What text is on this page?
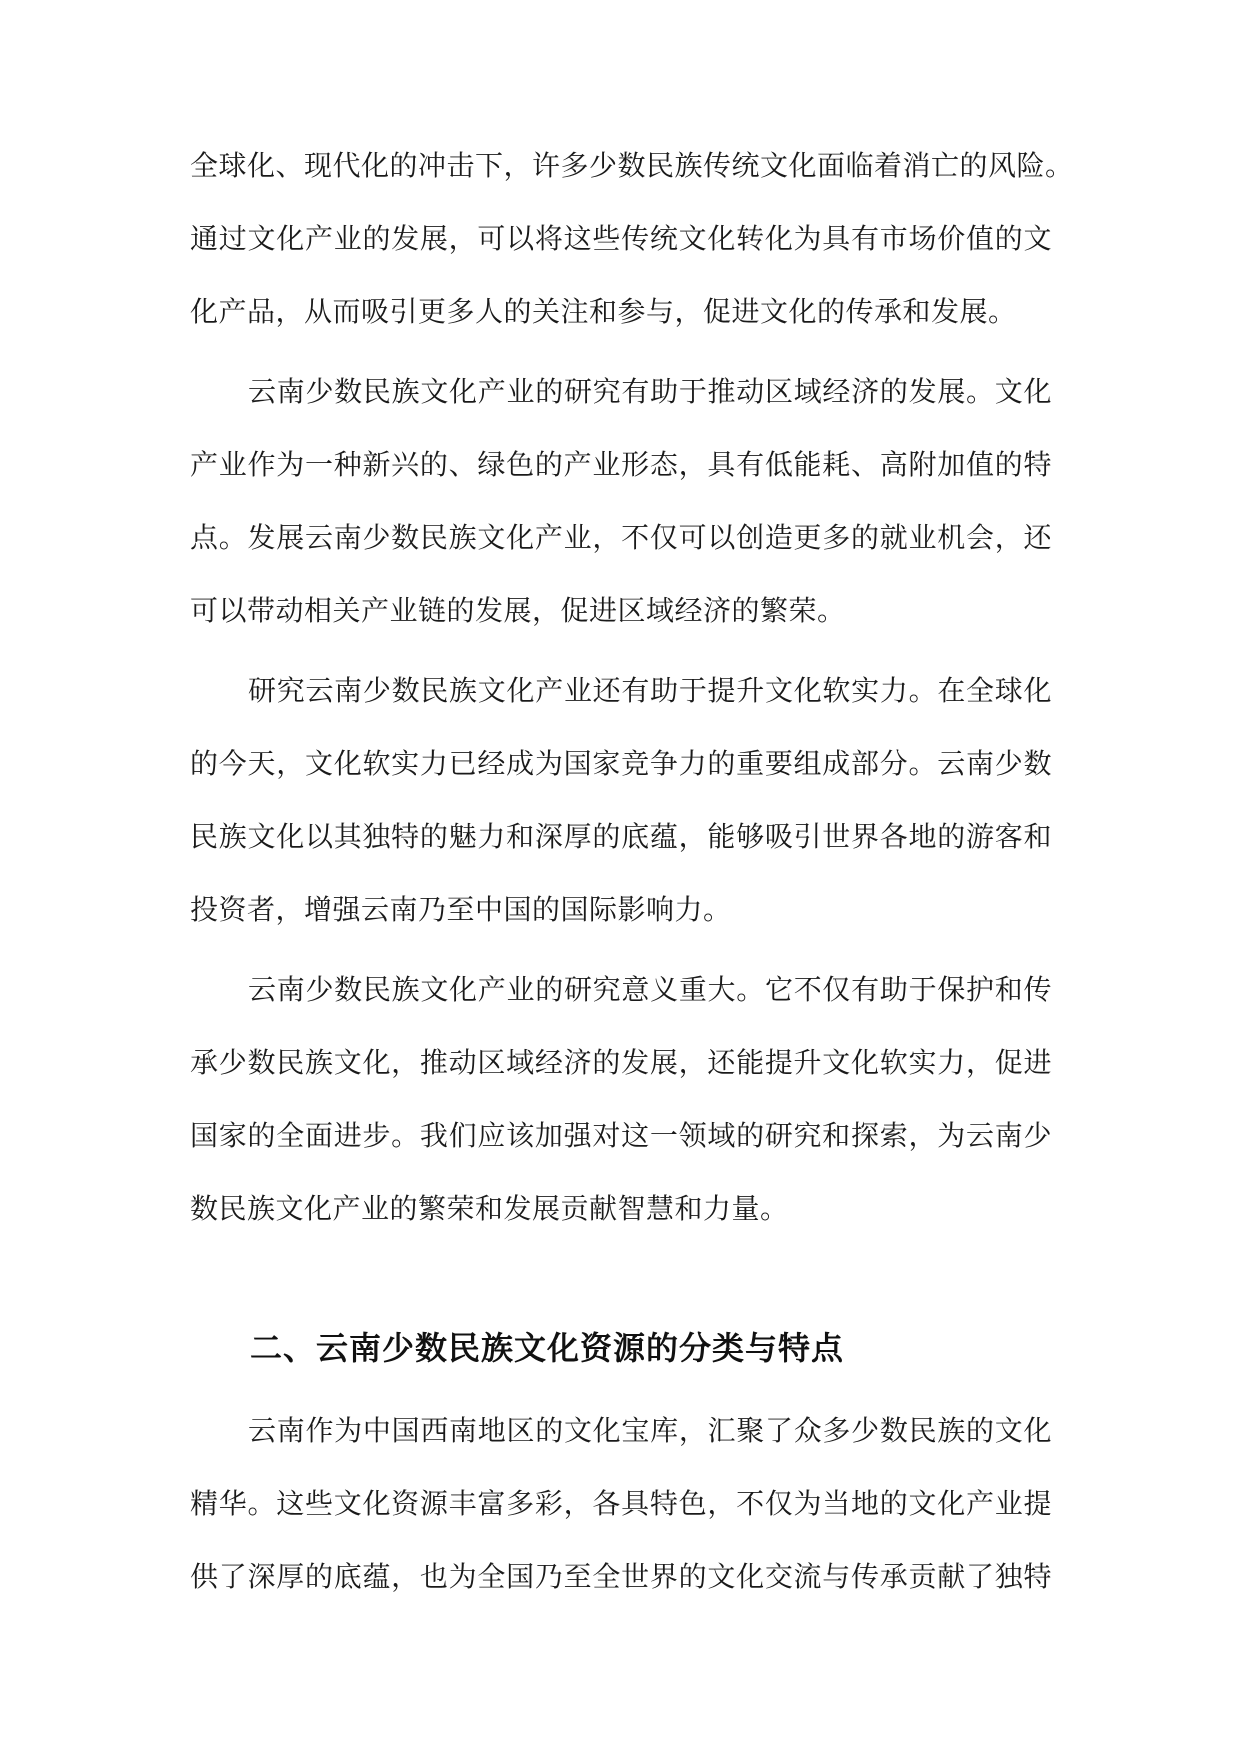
全球化、现代化的冲击下，许多少数民族传统文化面临着消亡的风险。
通过文化产业的发展，可以将这些传统文化转化为具有市场价值的文
化产品，从而吸引更多人的关注和参与，促进文化的传承和发展。
云南少数民族文化产业的研究有助于推动区域经济的发展。文化
产业作为一种新兴的、绿色的产业形态，具有低能耗、高附加值的特
点。发展云南少数民族文化产业，不仅可以创造更多的就业机会，还
可以带动相关产业链的发展，促进区域经济的繁荣。
研究云南少数民族文化产业还有助于提升文化软实力。在全球化
的今天，文化软实力已经成为国家竞争力的重要组成部分。云南少数
民族文化以其独特的魅力和深厚的底蕴，能够吸引世界各地的游客和
投资者，增强云南乃至中国的国际影响力。
云南少数民族文化产业的研究意义重大。它不仅有助于保护和传
承少数民族文化，推动区域经济的发展，还能提升文化软实力，促进
国家的全面进步。我们应该加强对这一领域的研究和探索，为云南少
数民族文化产业的繁荣和发展贡献智慧和力量。
二、云南少数民族文化资源的分类与特点
云南作为中国西南地区的文化宝库，汇聚了众多少数民族的文化
精华。这些文化资源丰富多彩，各具特色，不仅为当地的文化产业提
供了深厚的底蕴，也为全国乃至全世界的文化交流与传承贡献了独特
